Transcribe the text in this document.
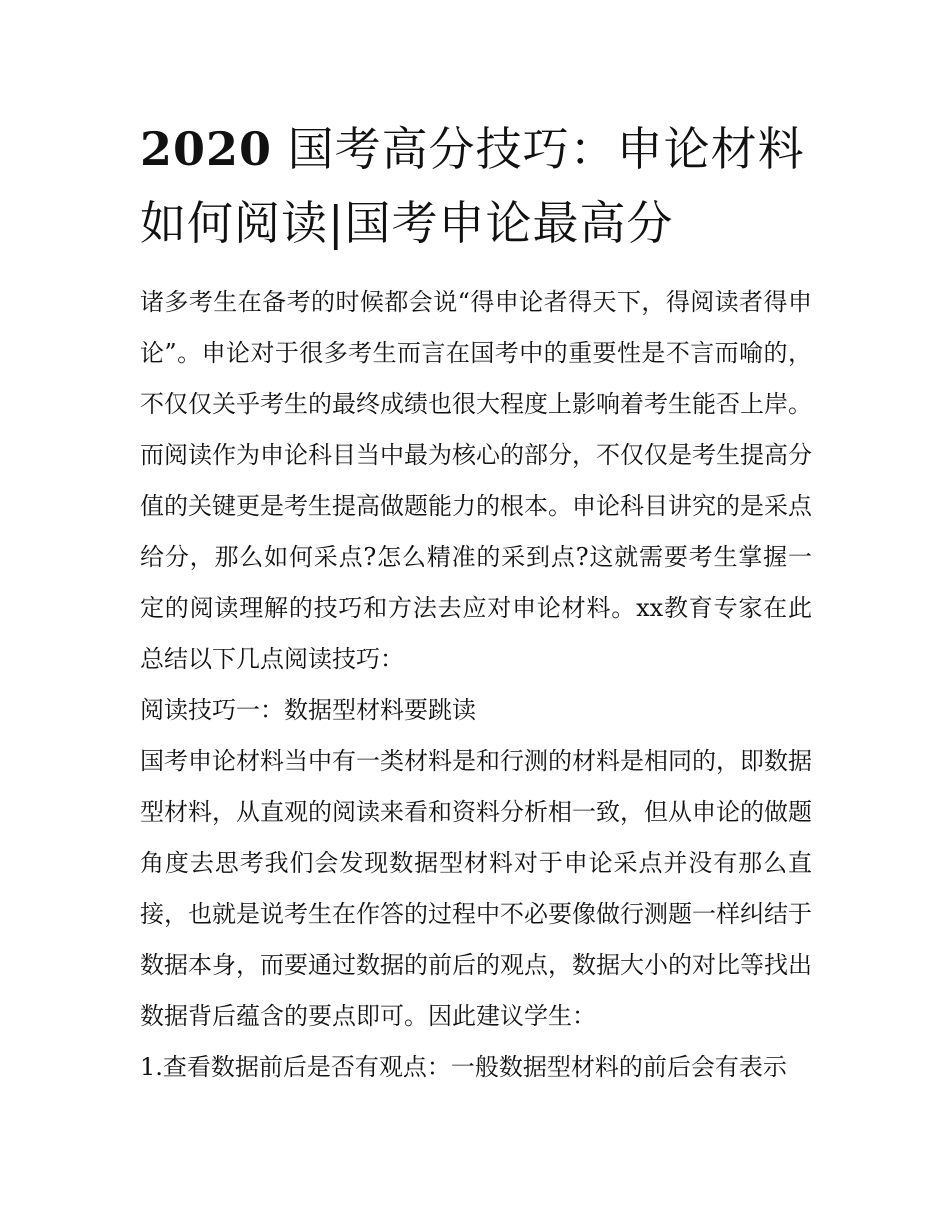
2020 国考高分技巧：申论材料如何阅读|国考申论最高分

诸多考生在备考的时候都会说“得申论者得天下，得阅读者得申论”。申论对于很多考生而言在国考中的重要性是不言而喻的，不仅仅关乎考生的最终成绩也很大程度上影响着考生能否上岸。而阅读作为申论科目当中最为核心的部分，不仅仅是考生提高分值的关键更是考生提高做题能力的根本。申论科目讲究的是采点给分，那么如何采点?怎么精准的采到点?这就需要考生掌握一定的阅读理解的技巧和方法去应对申论材料。xx教育专家在此总结以下几点阅读技巧：

阅读技巧一：数据型材料要跳读

国考申论材料当中有一类材料是和行测的材料是相同的，即数据型材料，从直观的阅读来看和资料分析相一致，但从申论的做题角度去思考我们会发现数据型材料对于申论采点并没有那么直接，也就是说考生在作答的过程中不必要像做行测题一样纠结于数据本身，而要通过数据的前后的观点，数据大小的对比等找出数据背后蕴含的要点即可。因此建议学生：

1.查看数据前后是否有观点：一般数据型材料的前后会有表示
